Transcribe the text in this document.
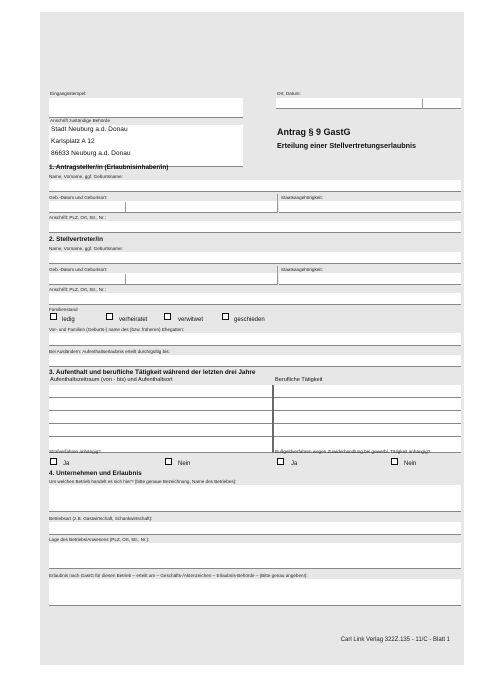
Eingangsstempel:	Ort, Datum:
Anschrift zuständige Behörde
Stadt Neuburg a.d. Donau
Karlsplatz A 12
86633 Neuburg a.d. Donau
Antrag § 9 GastG
Erteilung einer Stellvertretungserlaubnis
1. Antragsteller/in (Erlaubnisinhaber/in)
Name, Vorname, ggf. Geburtsname:
Geb.-Datum und Geburtsort:	Staatsangehörigkeit:
Anschrift: PLZ, Ort, Str., Nr.:
2. Stellvertreter/in
Name, Vorname, ggf. Geburtsname:
Geb.-Datum und Geburtsort:	Staatsangehörigkeit:
Anschrift: PLZ, Ort, Str., Nr.:
Familienstand
ledig	verheiratet	verwitwet	geschieden
Vor- und Familien (Geburts-) name des (bzw. früheren) Ehegatten:
Bei Ausländern: Aufenthaltserlaubnis erteilt durch/gültig bis:
3. Aufenthalt und berufliche Tätigkeit während der letzten drei Jahre
Aufenthaltszeitraum (von - bis) und Aufenthaltsort	Berufliche Tätigkeit
Strafverfahren anhängig?
Ja	Nein
Bußgeldverfahren wegen Zuwiderhandlung bei gewerbl. Tätigkeit anhängig?
Ja	Nein
4. Unternehmen und Erlaubnis
Um welchen Betrieb handelt es sich hier? (bitte genaue Bezeichnung, Name des Betriebes):
Betriebsart (z.B. Gastwirtschaft, Schankwirtschaft):
Lage des Betriebs/Anwesens (PLZ, Ort, Str., Nr.):
Erlaubnis nach GastG für diesen Betrieb – erteilt am – Geschäfts-/Aktenzeichen – Erlaubnis-Behörde – (Bitte genau angeben!):
Carl Link Verlag 322Z.135 - 11/C - Blatt 1
